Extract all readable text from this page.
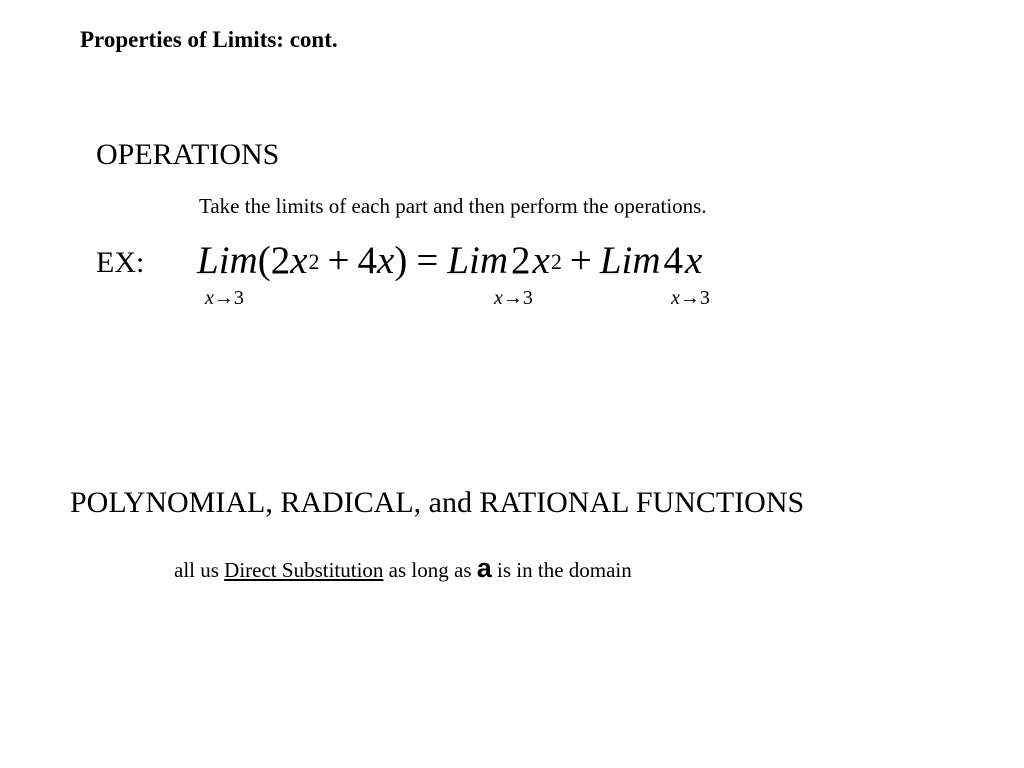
Properties of Limits: cont.
OPERATIONS
Take the limits of each part and then perform the operations.
EX: Lim (2 $x^2 + 4$ x ) = Lim 2 $x^2$ + Lim 4 x
x→3	x→3	x→3
POLYNOMIAL, RADICAL, and RATIONAL FUNCTIONS
all us Direct Substitution as long as a is in the domain
